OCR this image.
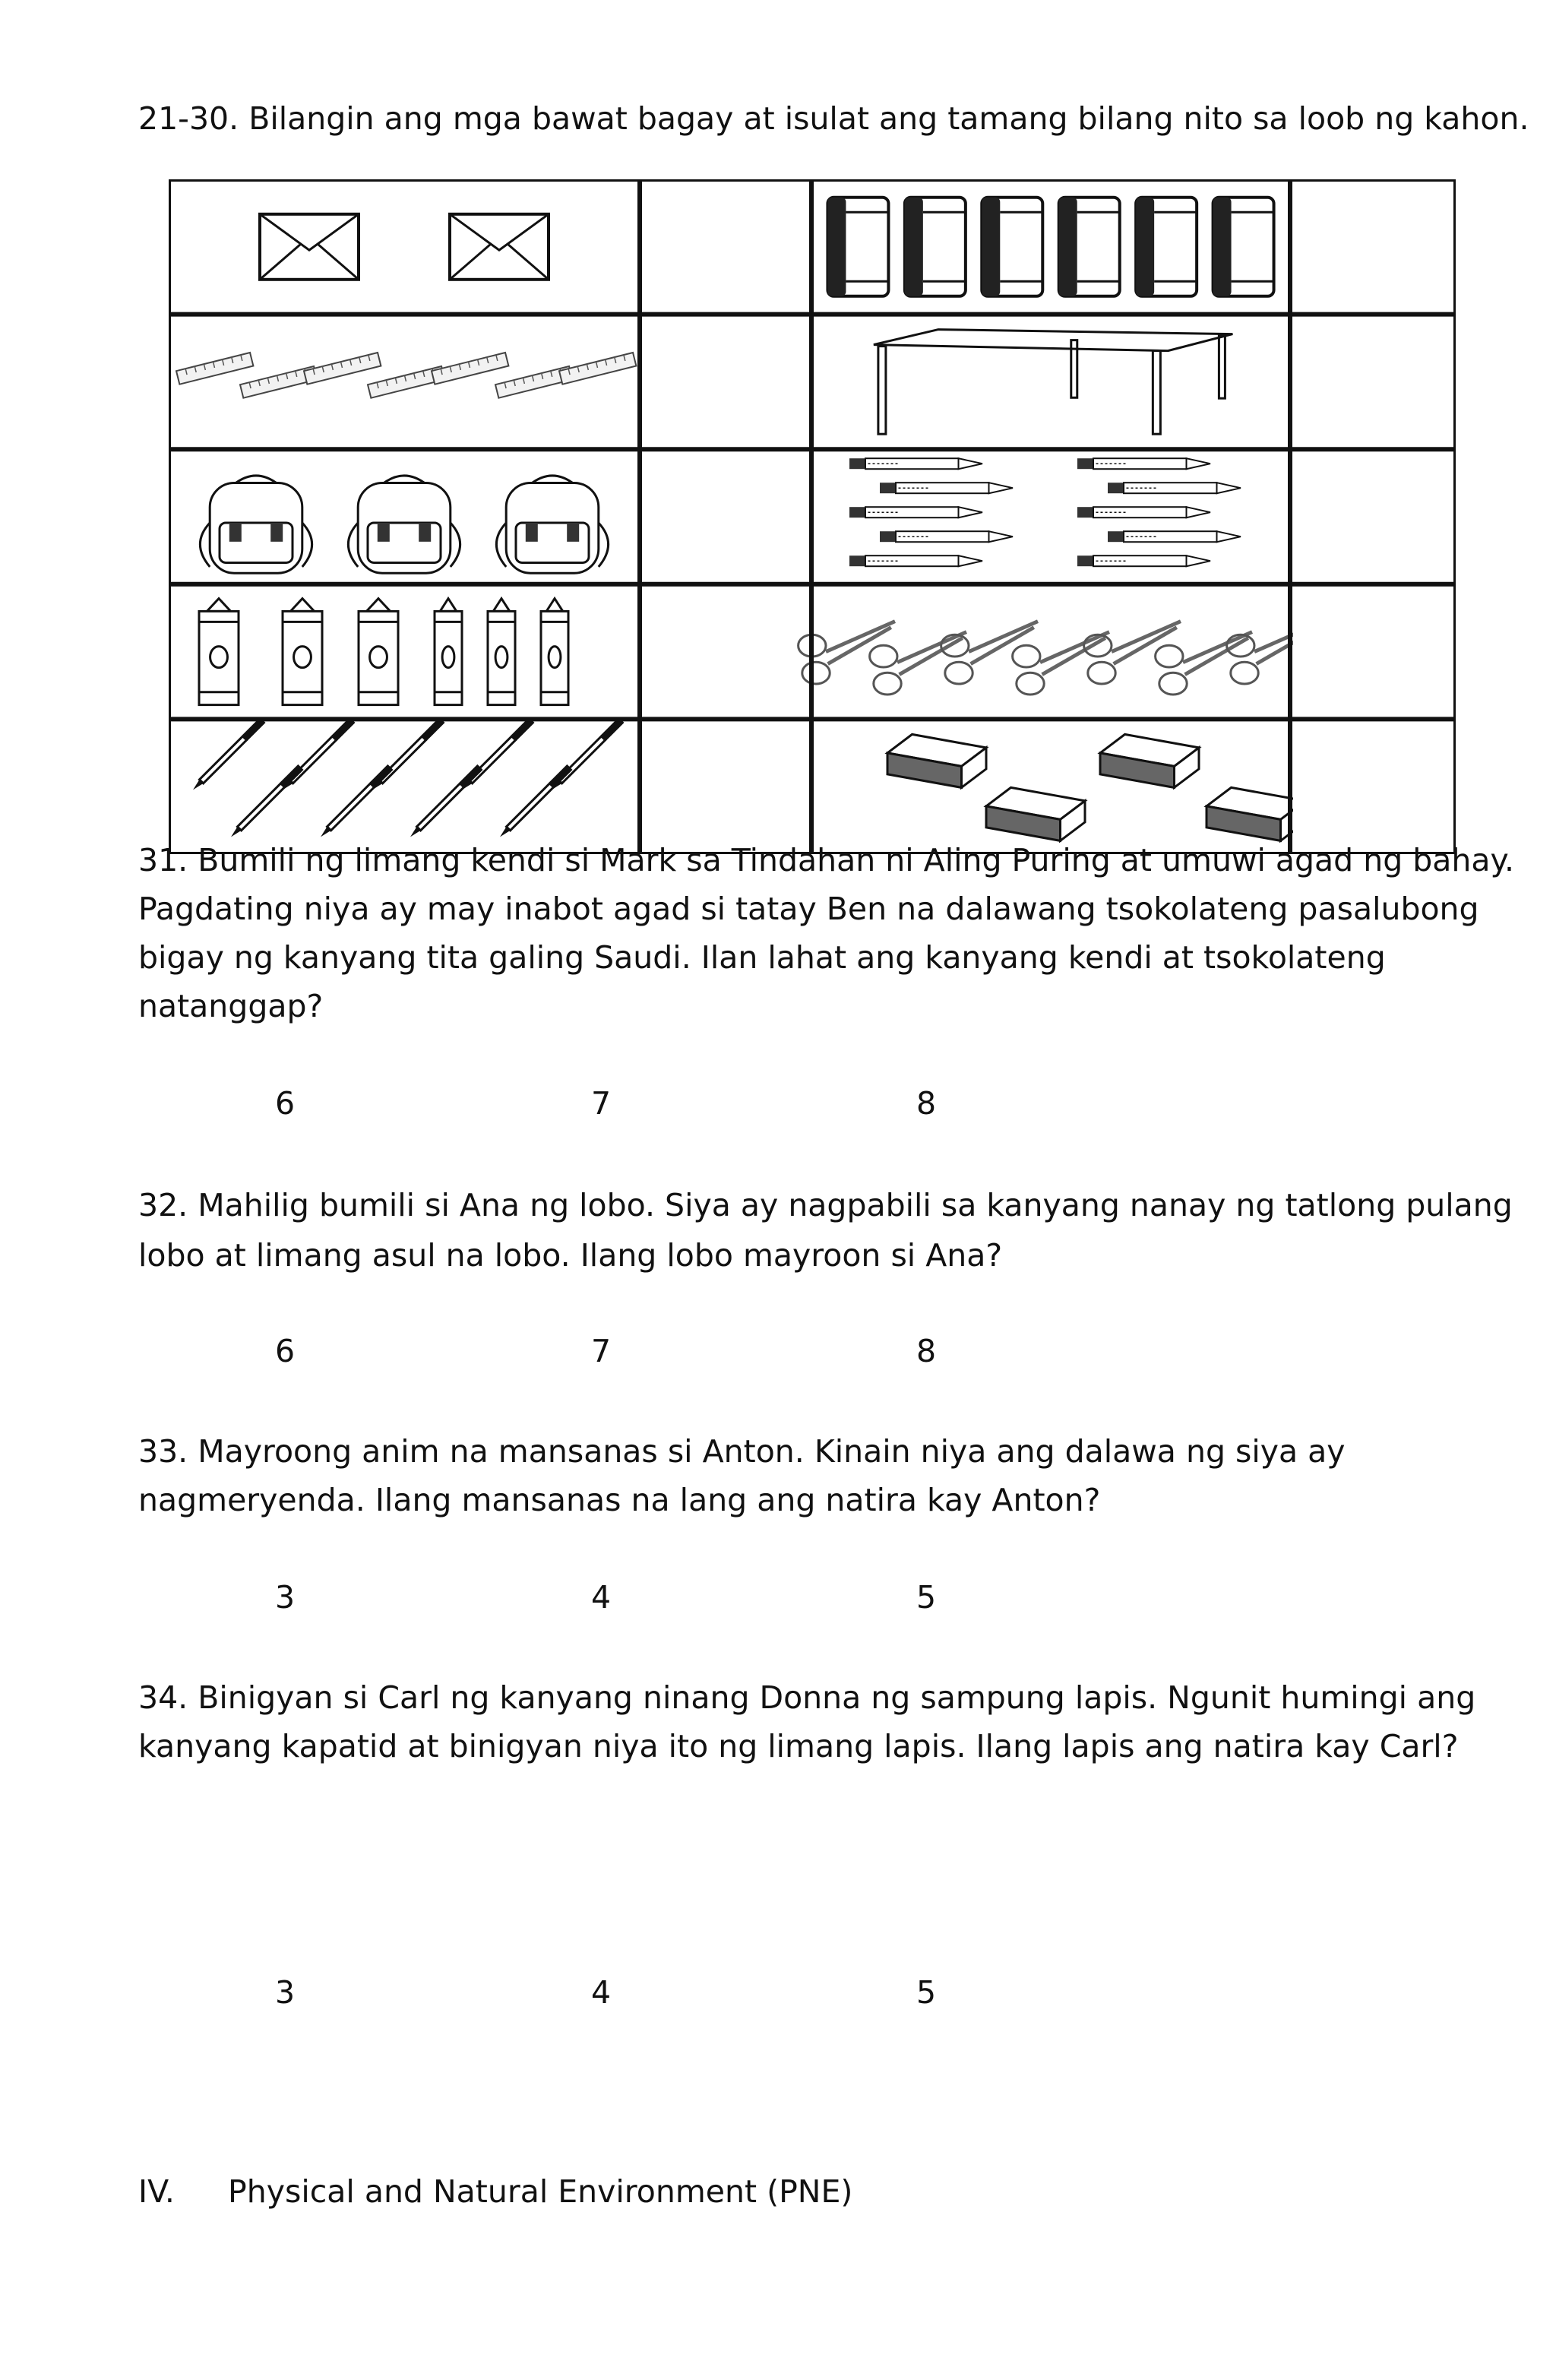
21-30. Bilangin ang mga bawat bagay at isulat ang tamang bilang nito sa loob ng kahon.
31. Bumili ng limang kendi si Mark sa Tindahan ni Aling Puring at umuwi agad ng bahay.
Pagdating niya ay may inabot agad si tatay Ben na dalawang tsokolateng pasalubong
bigay ng kanyang tita galing Saudi. Ilan lahat ang kanyang kendi at tsokolateng
natanggap?
6	7	8
32. Mahilig bumili si Ana ng lobo. Siya ay nagpabili sa kanyang nanay ng tatlong pulang
lobo at limang asul na lobo. Ilang lobo mayroon si Ana?
6	7	8
33. Mayroong anim na mansanas si Anton. Kinain niya ang dalawa ng siya ay
nagmeryenda. Ilang mansanas na lang ang natira kay Anton?
3	4	5
34. Binigyan si Carl ng kanyang ninang Donna ng sampung lapis. Ngunit humingi ang
kanyang kapatid at binigyan niya ito ng limang lapis. Ilang lapis ang natira kay Carl?
3	4	5
IV. Physical and Natural Environment (PNE)
